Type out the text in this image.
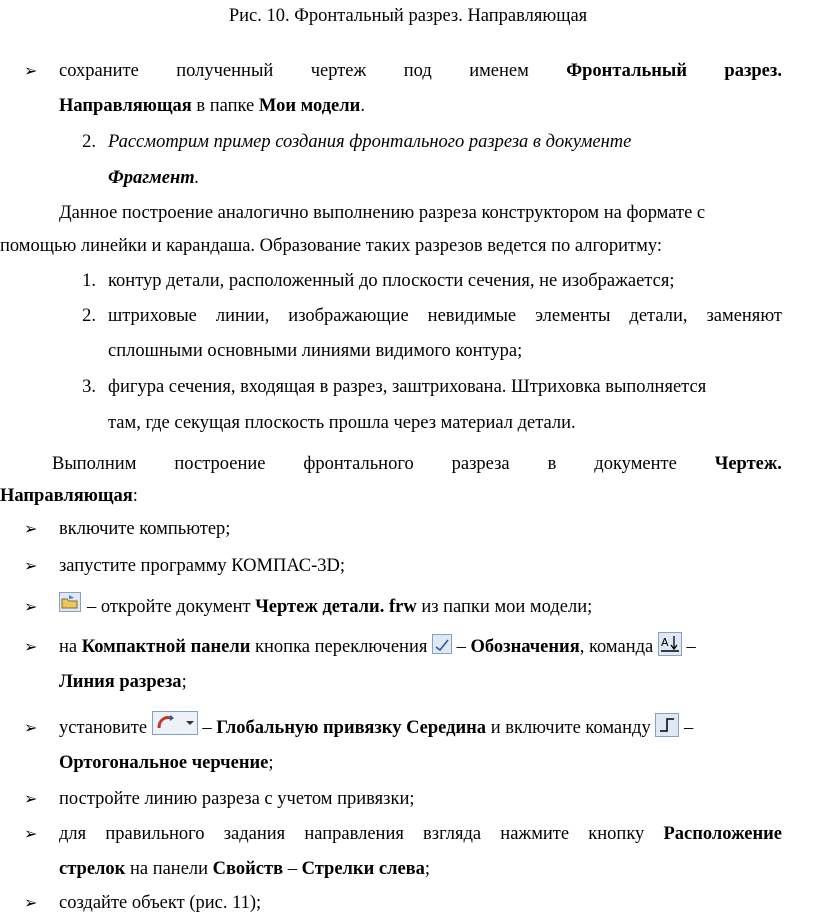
Рис. 10. Фронтальный разрез. Направляющая
➢	сохраните полученный чертеж под именем Фронтальный разрез.
Направляющая в папке Мои модели.
2. Рассмотрим пример создания фронтального разреза в документе
Фрагмент.
Данное построение аналогично выполнению разреза конструктором на формате с
помощью линейки и карандаша. Образование таких разрезов ведется по алгоритму:
1. контур детали, расположенный до плоскости сечения, не изображается;
2. штриховые линии, изображающие невидимые элементы детали, заменяют
сплошными основными линиями видимого контура;
3. фигура сечения, входящая в разрез, заштрихована. Штриховка выполняется
там, где секущая плоскость прошла через материал детали.
Выполним построение фронтального разреза в документе Чертеж.
Направляющая:
➢	включите компьютер;
➢	запустите программу КОМПАС-3D;
➢	– откройте документ Чертеж детали. frw из папки мои модели;
➢	на Компактной панели кнопка переключения  – Обозначения, команда A –
Линия разреза;
➢	установите  – Глобальную привязку Середина и включите команду  –
Ортогональное черчение;
➢	постройте линию разреза с учетом привязки;
➢	для правильного задания направления взгляда нажмите кнопку Расположение
стрелок на панели Свойств – Стрелки слева;
➢	создайте объект (рис. 11);
